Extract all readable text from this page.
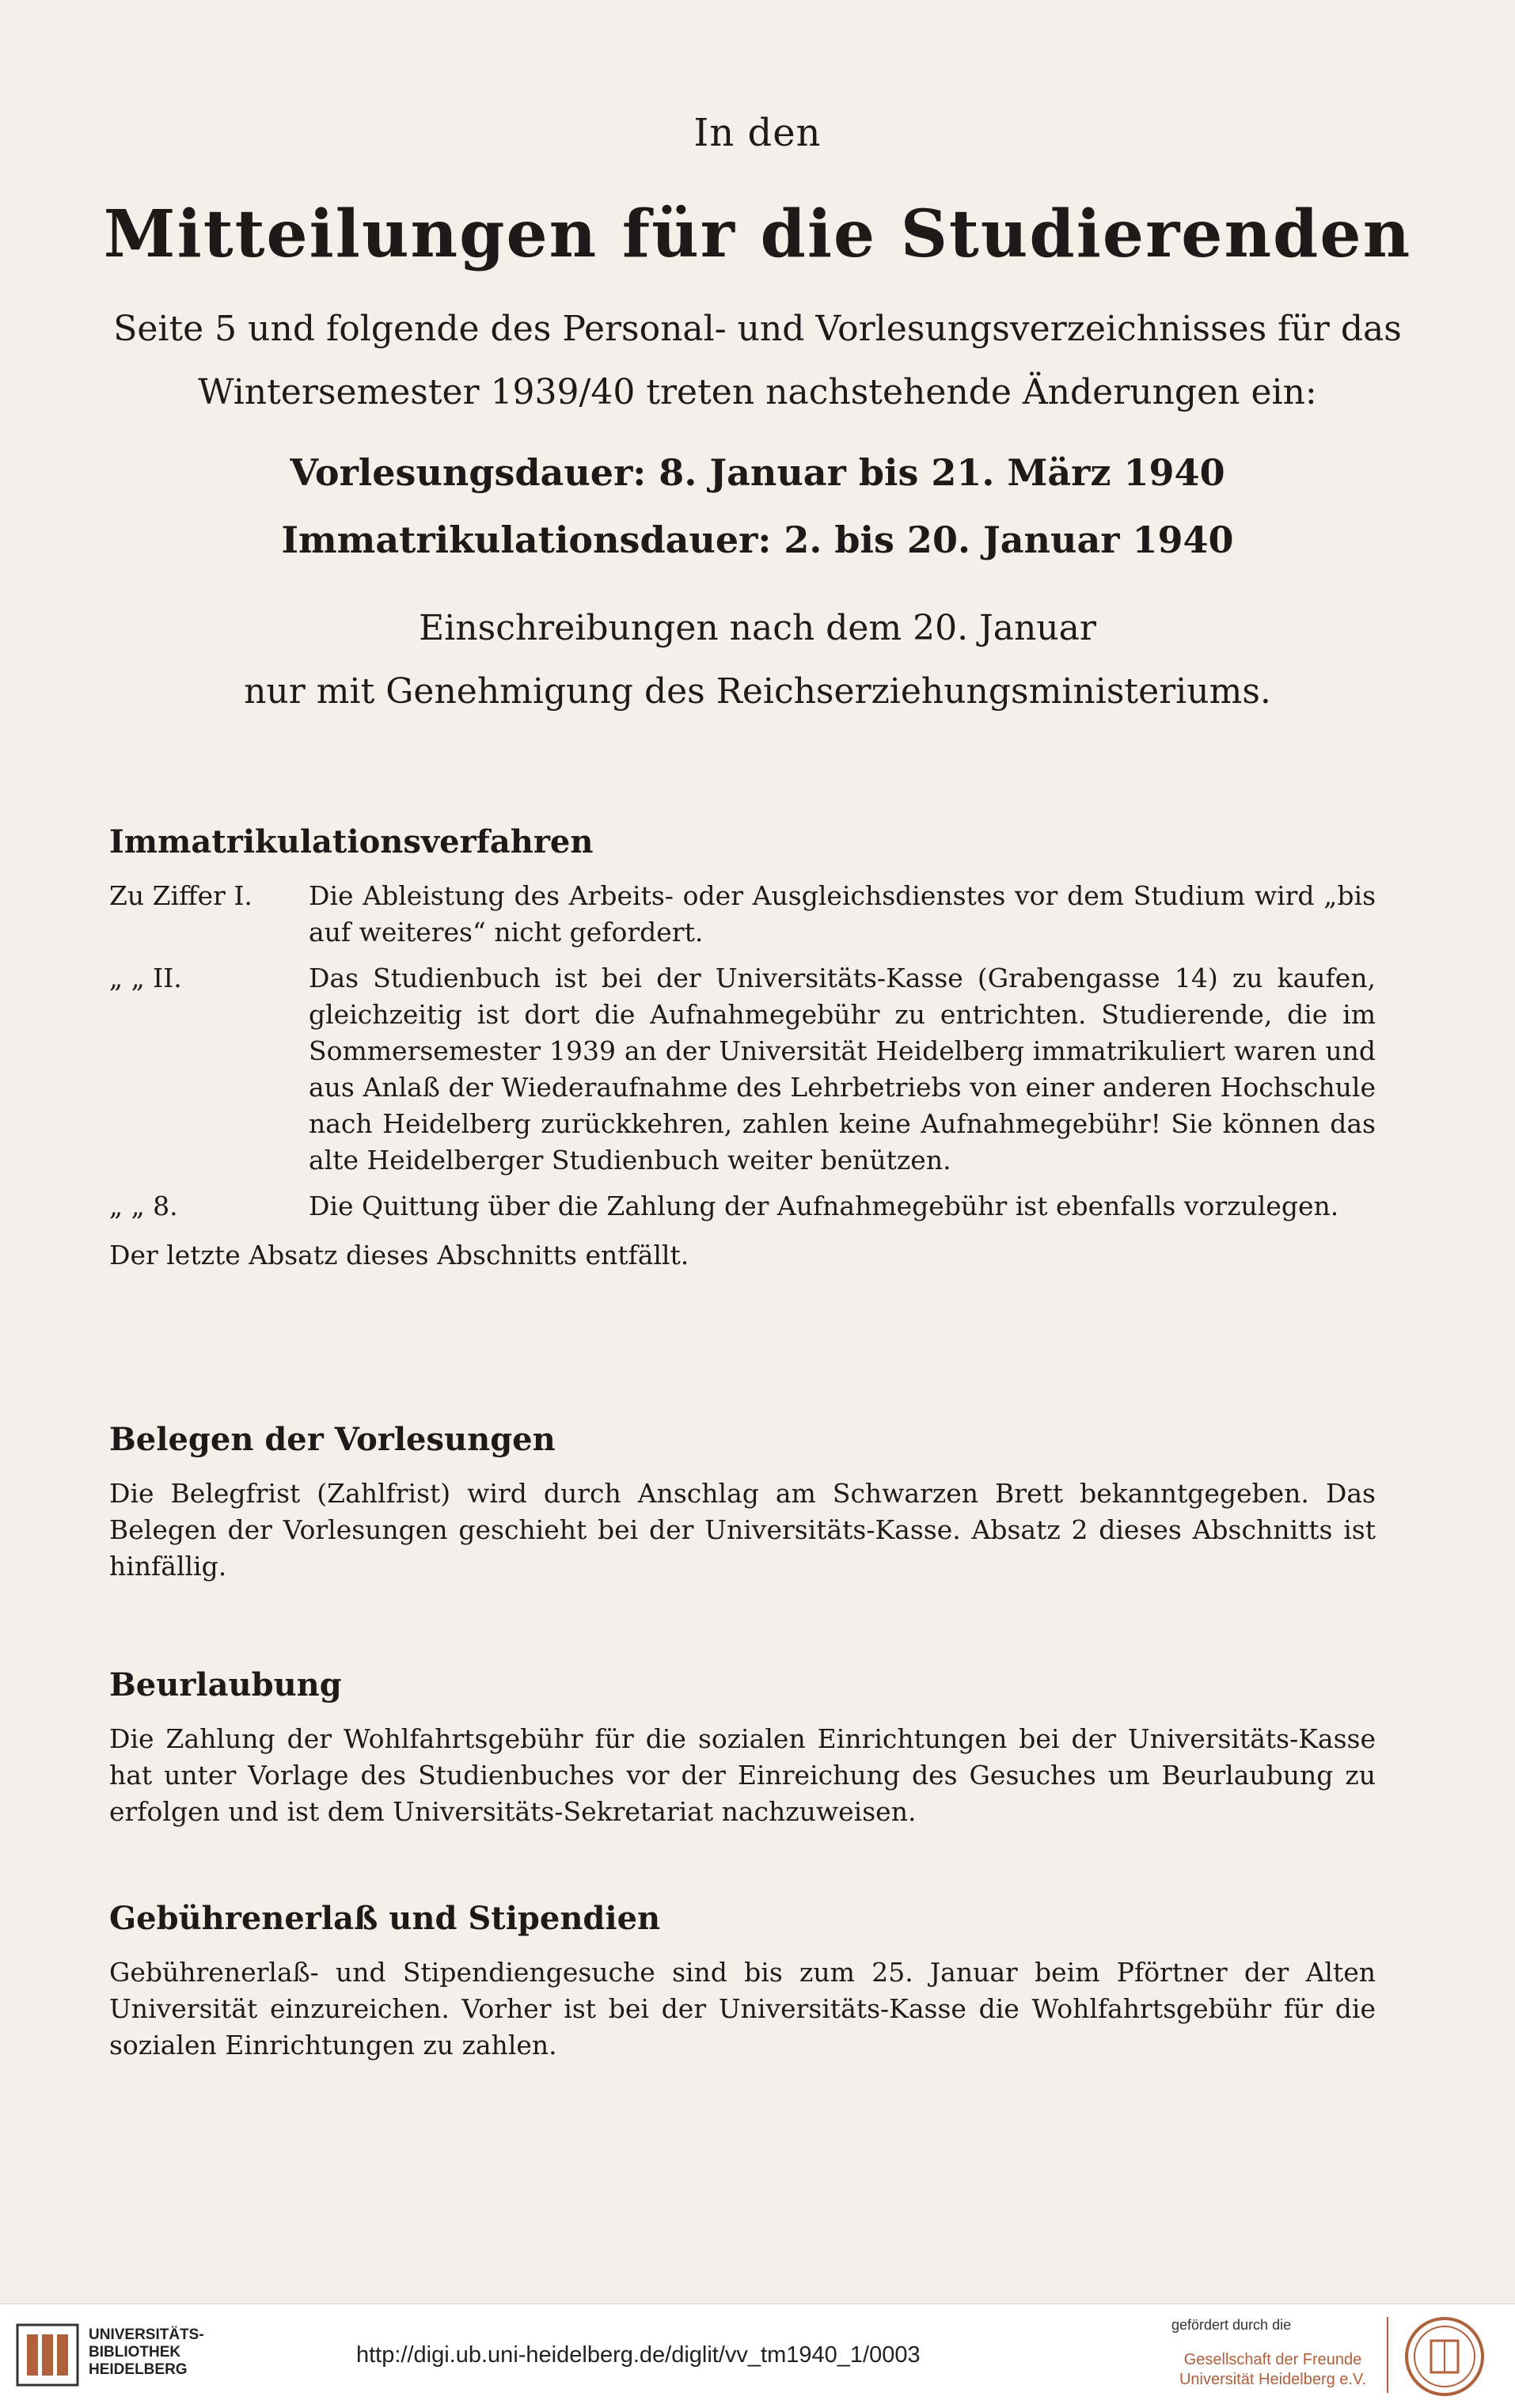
In den
Mitteilungen für die Studierenden
Seite 5 und folgende des Personal- und Vorlesungsverzeichnisses für das
Wintersemester 1939/40 treten nachstehende Änderungen ein:
Vorlesungsdauer: 8. Januar bis 21. März 1940
Immatrikulationsdauer: 2. bis 20. Januar 1940
Einschreibungen nach dem 20. Januar
nur mit Genehmigung des Reichserziehungsministeriums.
Immatrikulationsverfahren
Zu Ziffer I.	Die Ableistung des Arbeits- oder Ausgleichsdienstes vor dem Studium wird „bis auf weiteres“ nicht gefordert.
„ „ II.	Das Studienbuch ist bei der Universitäts-Kasse (Grabengasse 14) zu kaufen, gleichzeitig ist dort die Aufnahmegebühr zu entrichten. Studierende, die im Sommersemester 1939 an der Universität Heidelberg immatrikuliert waren und aus Anlaß der Wiederaufnahme des Lehrbetriebs von einer anderen Hochschule nach Heidelberg zurückkehren, zahlen keine Aufnahmegebühr! Sie können das alte Heidelberger Studienbuch weiter benützen.
„ „ 8.	Die Quittung über die Zahlung der Aufnahmegebühr ist ebenfalls vorzulegen.
Der letzte Absatz dieses Abschnitts entfällt.
Belegen der Vorlesungen

Die Belegfrist (Zahlfrist) wird durch Anschlag am Schwarzen Brett bekanntgegeben. Das Belegen der Vorlesungen geschieht bei der Universitäts-Kasse. Absatz 2 dieses Abschnitts ist hinfällig.

Beurlaubung

Die Zahlung der Wohlfahrtsgebühr für die sozialen Einrichtungen bei der Universitäts-Kasse hat unter Vorlage des Studienbuches vor der Einreichung des Gesuches um Beurlaubung zu erfolgen und ist dem Universitäts-Sekretariat nachzuweisen.

Gebührenerlaß und Stipendien

Gebührenerlaß- und Stipendiengesuche sind bis zum 25. Januar beim Pförtner der Alten Universität einzureichen. Vorher ist bei der Universitäts-Kasse die Wohlfahrtsgebühr für die sozialen Einrichtungen zu zahlen.

UNIVERSITÄTS-
BIBLIOTHEK
HEIDELBERG
http://digi.ub.uni-heidelberg.de/diglit/vv_tm1940_1/0003
gefördert durch die
Gesellschaft der Freunde
Universität Heidelberg e.V.
